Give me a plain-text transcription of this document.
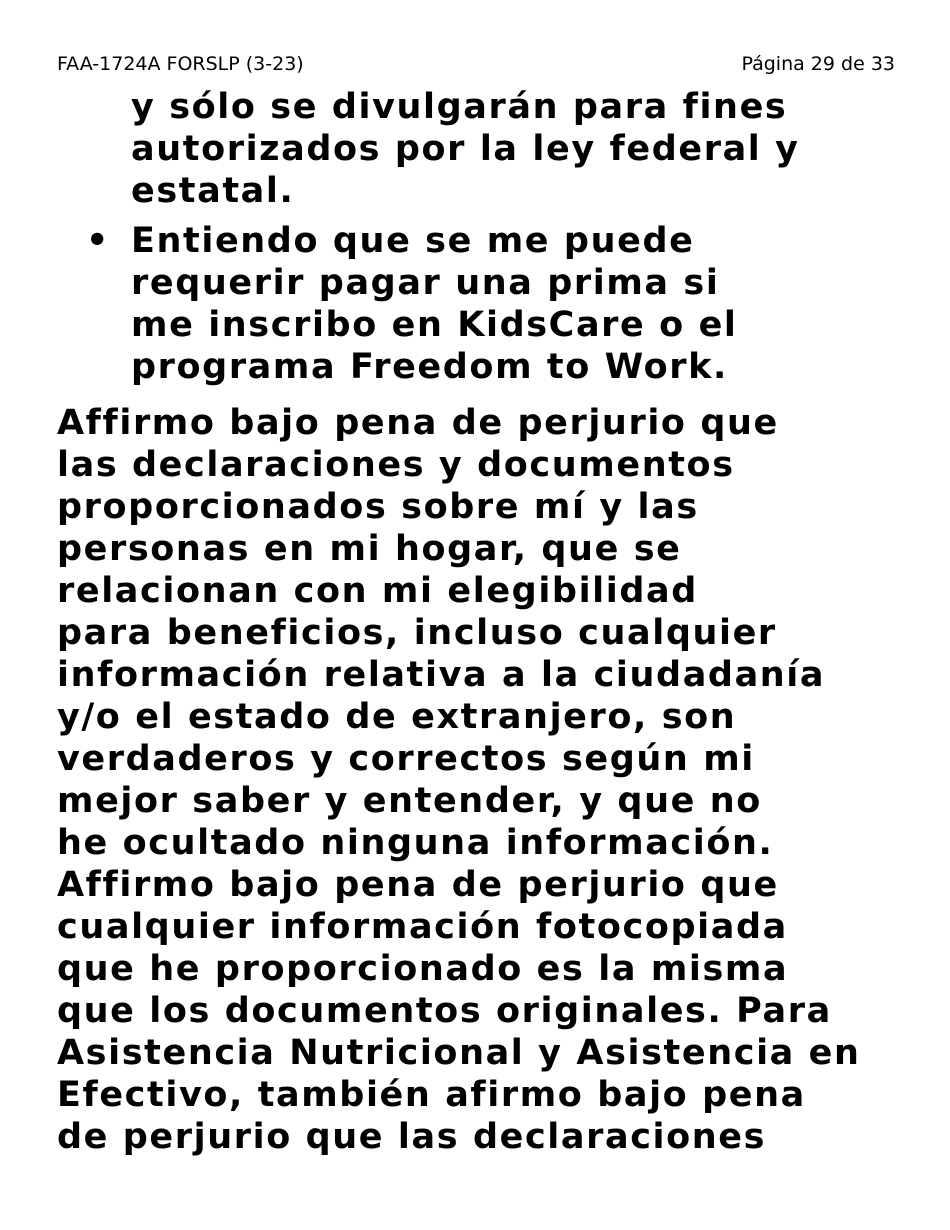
FAA-1724A FORSLP (3-23)	Página 29 de 33
y sólo se divulgarán para fines
autorizados por la ley federal y
estatal.
• Entiendo que se me puede
requerir pagar una prima si
me inscribo en KidsCare o el
programa Freedom to Work.
Affirmo bajo pena de perjurio que
las declaraciones y documentos
proporcionados sobre mí y las
personas en mi hogar, que se
relacionan con mi elegibilidad
para beneficios, incluso cualquier
información relativa a la ciudadanía
y/o el estado de extranjero, son
verdaderos y correctos según mi
mejor saber y entender, y que no
he ocultado ninguna información.
Affirmo bajo pena de perjurio que
cualquier información fotocopiada
que he proporcionado es la misma
que los documentos originales. Para
Asistencia Nutricional y Asistencia en
Efectivo, también afirmo bajo pena
de perjurio que las declaraciones
